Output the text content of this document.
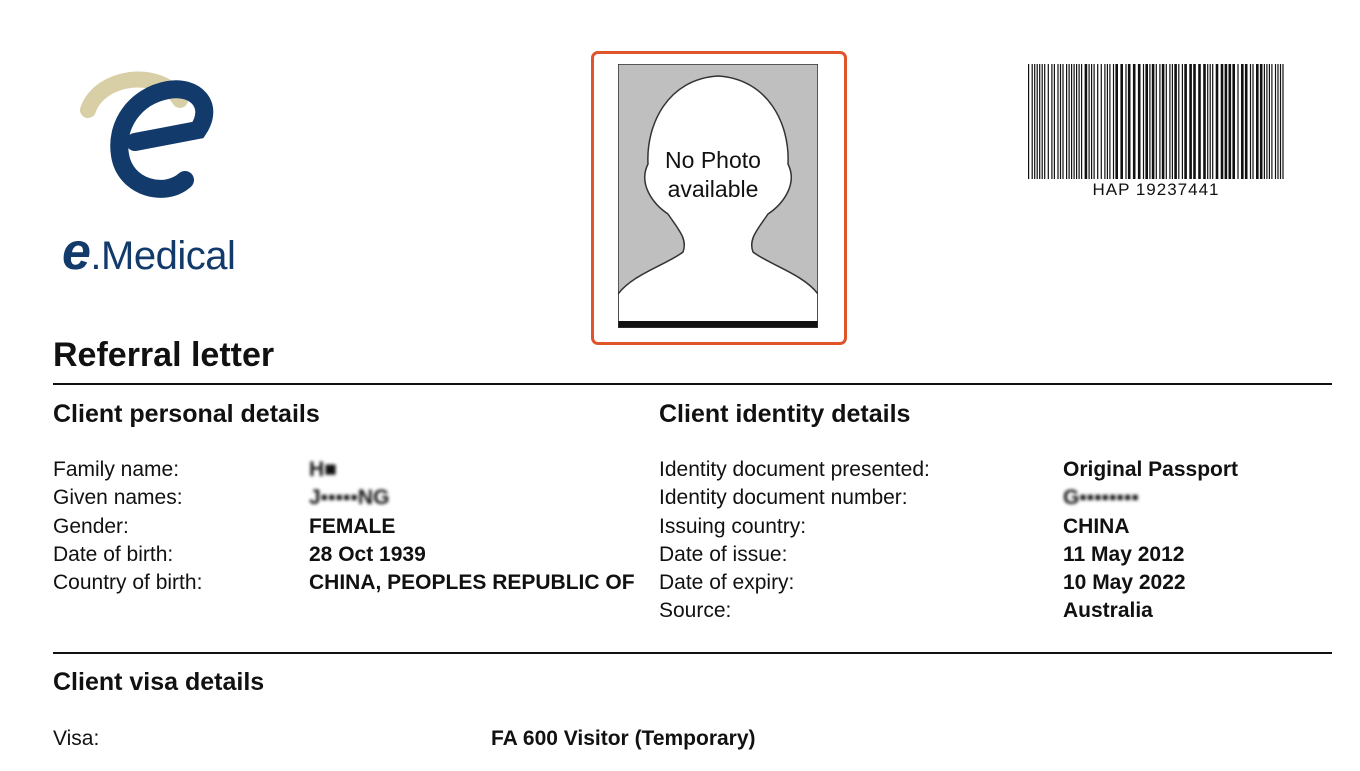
e.Medical
No Photo
available	HAP 19237441
Referral letter
Client personal details
Family name:	H■
Given names:	J▪▪▪▪▪NG
Gender:	FEMALE
Date of birth:	28 Oct 1939
Country of birth:	CHINA, PEOPLES REPUBLIC OF
Client identity details
Identity document presented:	Original Passport
Identity document number:	G▪▪▪▪▪▪▪▪
Issuing country:	CHINA
Date of issue:	11 May 2012
Date of expiry:	10 May 2022
Source:	Australia
Client visa details
Visa:	FA 600 Visitor (Temporary)
